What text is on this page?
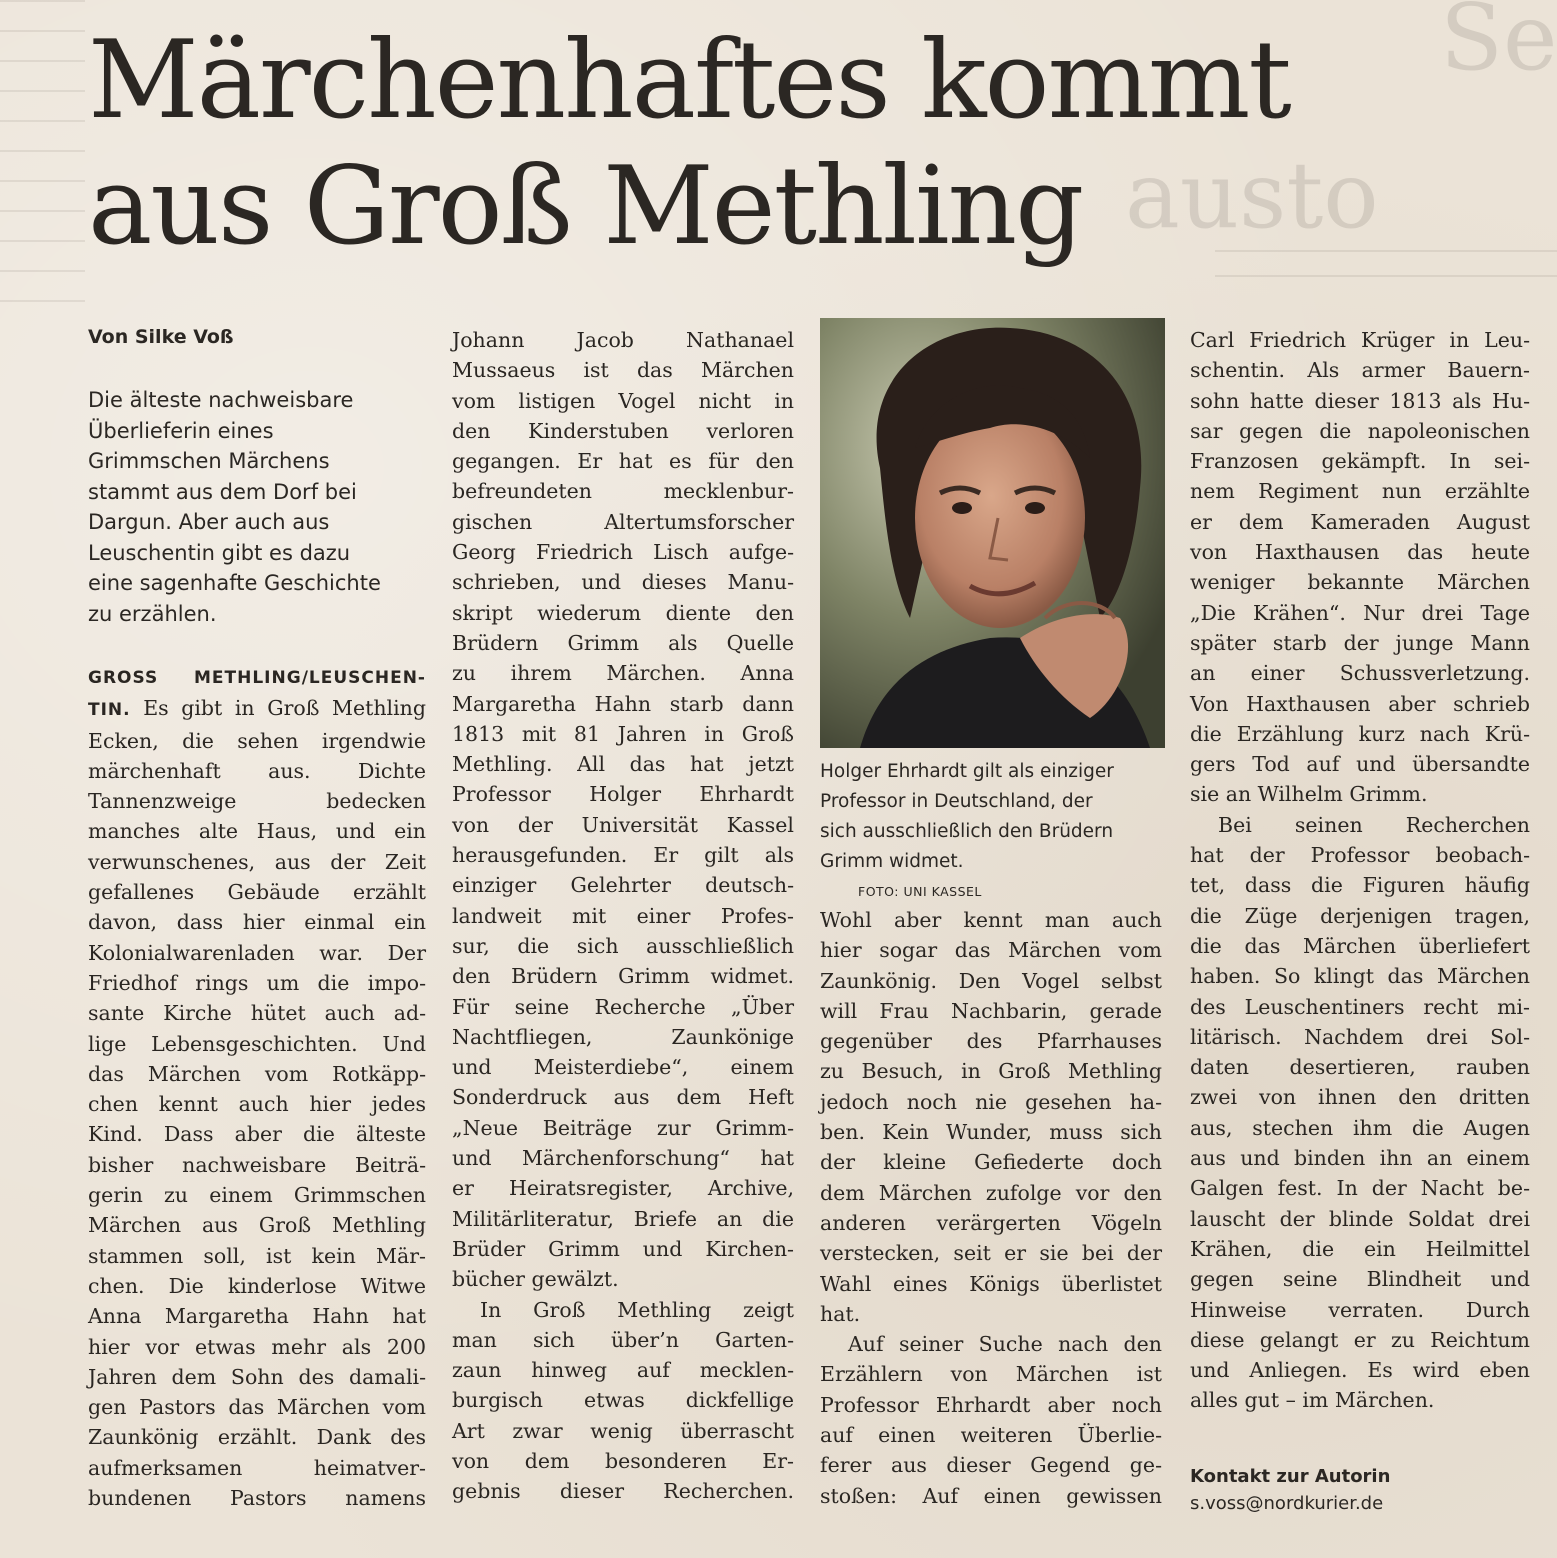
Se
austo
Märchenhaftes kommt
aus Groß Methling
Von Silke Voß
Die älteste nachweisbare
Überlieferin eines
Grimmschen Märchens
stammt aus dem Dorf bei
Dargun. Aber auch aus
Leuschentin gibt es dazu
eine sagenhafte Geschichte
zu erzählen.
GROSS METHLING/LEUSCHEN-
TIN. Es gibt in Groß Methling
Ecken, die sehen irgendwie
märchenhaft aus. Dichte
Tannenzweige bedecken
manches alte Haus, und ein
verwunschenes, aus der Zeit
gefallenes Gebäude erzählt
davon, dass hier einmal ein
Kolonialwarenladen war. Der
Friedhof rings um die impo-
sante Kirche hütet auch ad-
lige Lebensgeschichten. Und
das Märchen vom Rotkäpp-
chen kennt auch hier jedes
Kind. Dass aber die älteste
bisher nachweisbare Beiträ-
gerin zu einem Grimmschen
Märchen aus Groß Methling
stammen soll, ist kein Mär-
chen. Die kinderlose Witwe
Anna Margaretha Hahn hat
hier vor etwas mehr als 200
Jahren dem Sohn des damali-
gen Pastors das Märchen vom
Zaunkönig erzählt. Dank des
aufmerksamen heimatver-
bundenen Pastors namens
Johann Jacob Nathanael
Mussaeus ist das Märchen
vom listigen Vogel nicht in
den Kinderstuben verloren
gegangen. Er hat es für den
befreundeten mecklenbur-
gischen Altertumsforscher
Georg Friedrich Lisch aufge-
schrieben, und dieses Manu-
skript wiederum diente den
Brüdern Grimm als Quelle
zu ihrem Märchen. Anna
Margaretha Hahn starb dann
1813 mit 81 Jahren in Groß
Methling. All das hat jetzt
Professor Holger Ehrhardt
von der Universität Kassel
herausgefunden. Er gilt als
einziger Gelehrter deutsch-
landweit mit einer Profes-
sur, die sich ausschließlich
den Brüdern Grimm widmet.
Für seine Recherche „Über
Nachtfliegen, Zaunkönige
und Meisterdiebe“, einem
Sonderdruck aus dem Heft
„Neue Beiträge zur Grimm-
und Märchenforschung“ hat
er Heiratsregister, Archive,
Militärliteratur, Briefe an die
Brüder Grimm und Kirchen-
bücher gewälzt.
In Groß Methling zeigt
man sich über’n Garten-
zaun hinweg auf mecklen-
burgisch etwas dickfellige
Art zwar wenig überrascht
von dem besonderen Er-
gebnis dieser Recherchen.
Holger Ehrhardt gilt als einziger
Professor in Deutschland, der
sich ausschließlich den Brüdern
Grimm widmet.
FOTO: UNI KASSEL
Wohl aber kennt man auch
hier sogar das Märchen vom
Zaunkönig. Den Vogel selbst
will Frau Nachbarin, gerade
gegenüber des Pfarrhauses
zu Besuch, in Groß Methling
jedoch noch nie gesehen ha-
ben. Kein Wunder, muss sich
der kleine Gefiederte doch
dem Märchen zufolge vor den
anderen verärgerten Vögeln
verstecken, seit er sie bei der
Wahl eines Königs überlistet
hat.
Auf seiner Suche nach den
Erzählern von Märchen ist
Professor Ehrhardt aber noch
auf einen weiteren Überlie-
ferer aus dieser Gegend ge-
stoßen: Auf einen gewissen
Carl Friedrich Krüger in Leu-
schentin. Als armer Bauern-
sohn hatte dieser 1813 als Hu-
sar gegen die napoleonischen
Franzosen gekämpft. In sei-
nem Regiment nun erzählte
er dem Kameraden August
von Haxthausen das heute
weniger bekannte Märchen
„Die Krähen“. Nur drei Tage
später starb der junge Mann
an einer Schussverletzung.
Von Haxthausen aber schrieb
die Erzählung kurz nach Krü-
gers Tod auf und übersandte
sie an Wilhelm Grimm.
Bei seinen Recherchen
hat der Professor beobach-
tet, dass die Figuren häufig
die Züge derjenigen tragen,
die das Märchen überliefert
haben. So klingt das Märchen
des Leuschentiners recht mi-
litärisch. Nachdem drei Sol-
daten desertieren, rauben
zwei von ihnen den dritten
aus, stechen ihm die Augen
aus und binden ihn an einem
Galgen fest. In der Nacht be-
lauscht der blinde Soldat drei
Krähen, die ein Heilmittel
gegen seine Blindheit und
Hinweise verraten. Durch
diese gelangt er zu Reichtum
und Anliegen. Es wird eben
alles gut – im Märchen.
Kontakt zur Autorin
s.voss@nordkurier.de
